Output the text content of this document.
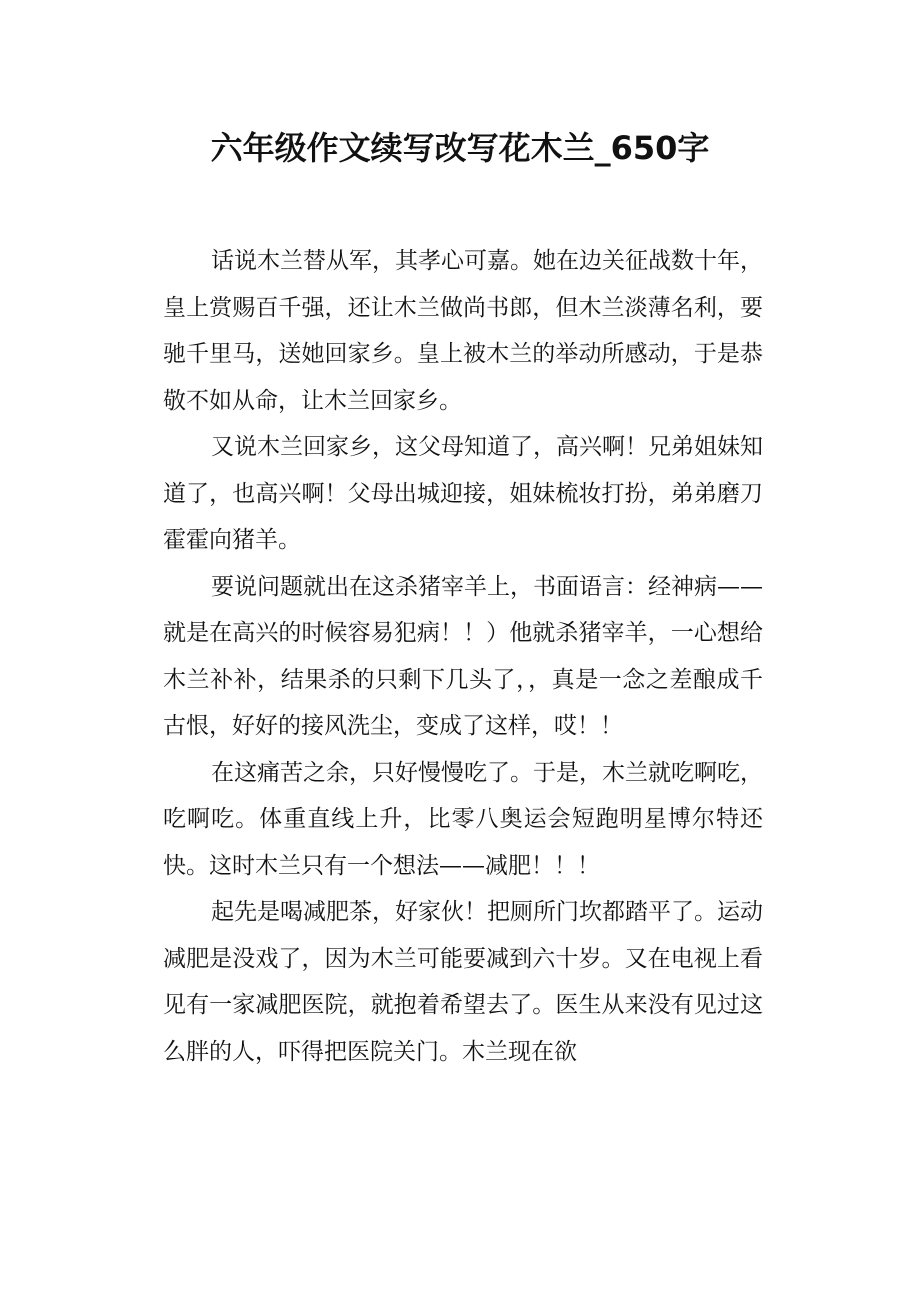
六年级作文续写改写花木兰_650字

话说木兰替从军，其孝心可嘉。她在边关征战数十年，皇上赏赐百千强，还让木兰做尚书郎，但木兰淡薄名利，要驰千里马，送她回家乡。皇上被木兰的举动所感动，于是恭敬不如从命，让木兰回家乡。

又说木兰回家乡，这父母知道了，高兴啊！兄弟姐妹知道了，也高兴啊！父母出城迎接，姐妹梳妆打扮，弟弟磨刀霍霍向猪羊。

要说问题就出在这杀猪宰羊上，书面语言：经神病——就是在高兴的时候容易犯病！！）他就杀猪宰羊，一心想给木兰补补，结果杀的只剩下几头了，，真是一念之差酿成千古恨，好好的接风洗尘，变成了这样，哎！！

在这痛苦之余，只好慢慢吃了。于是，木兰就吃啊吃，吃啊吃。体重直线上升，比零八奥运会短跑明星博尔特还快。这时木兰只有一个想法——减肥！！！

起先是喝减肥茶，好家伙！把厕所门坎都踏平了。运动减肥是没戏了，因为木兰可能要减到六十岁。又在电视上看见有一家减肥医院，就抱着希望去了。医生从来没有见过这么胖的人，吓得把医院关门。木兰现在欲
